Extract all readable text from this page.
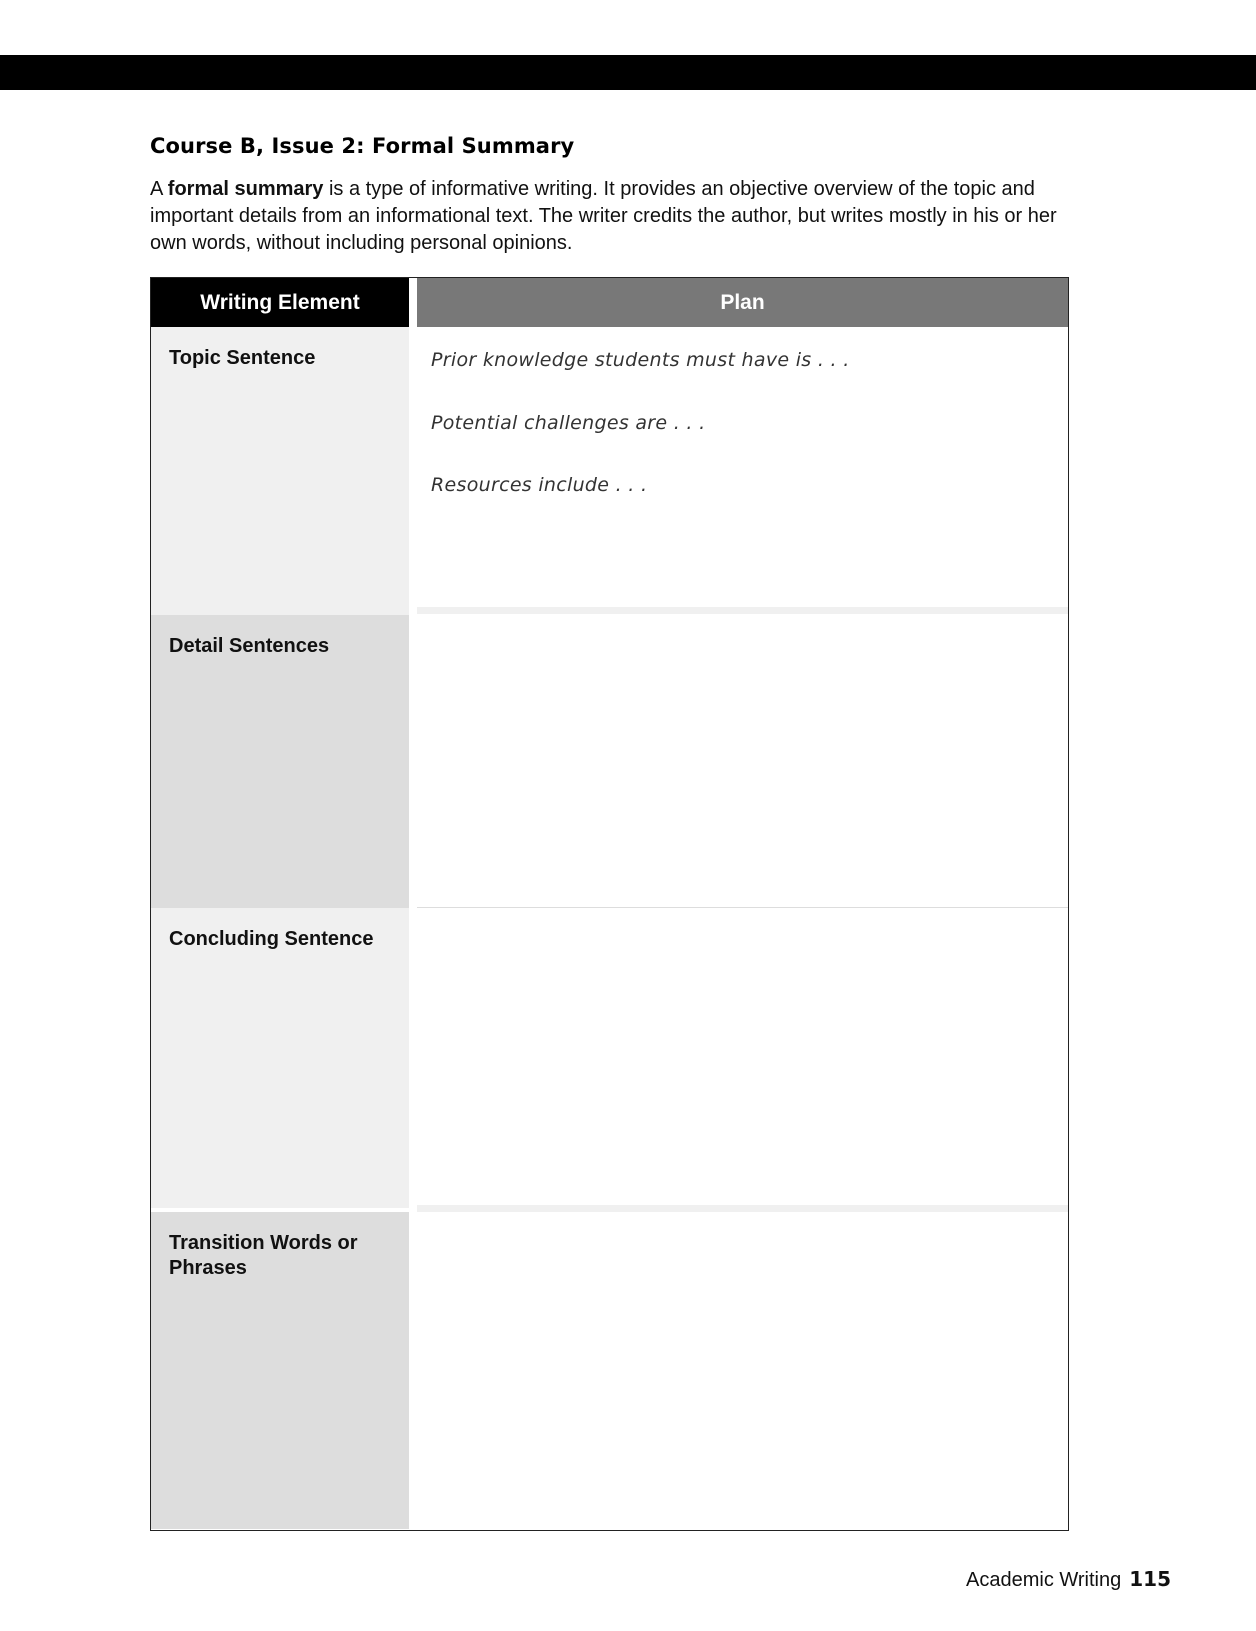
Course B, Issue 2: Formal Summary

A formal summary is a type of informative writing. It provides an objective overview of the topic and important details from an informational text. The writer credits the author, but writes mostly in his or her own words, without including personal opinions.

Writing Element	Plan
Topic Sentence	Prior knowledge students must have is . . .
Potential challenges are . . .
Resources include . . .
Detail Sentences
Concluding Sentence
Transition Words or Phrases
Academic Writing 115
